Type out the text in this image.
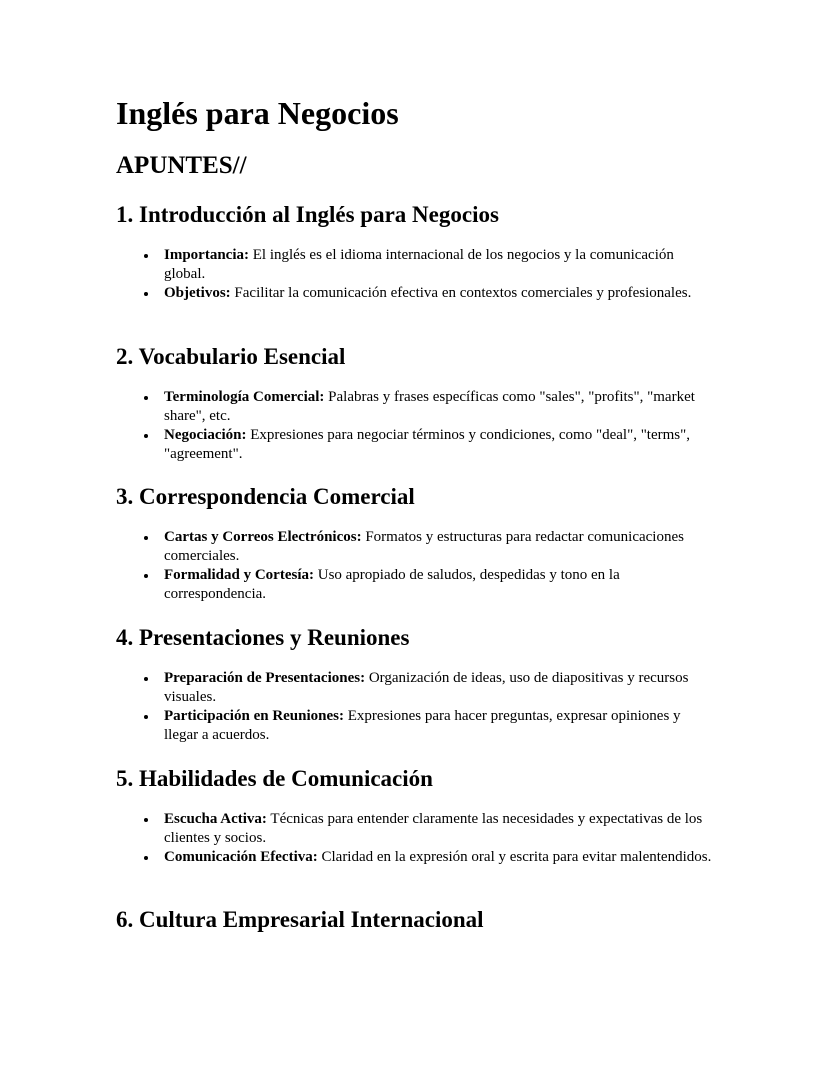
Inglés para Negocios
APUNTES//
1. Introducción al Inglés para Negocios
Importancia: El inglés es el idioma internacional de los negocios y la comunicación global.
Objetivos: Facilitar la comunicación efectiva en contextos comerciales y profesionales.
2. Vocabulario Esencial
Terminología Comercial: Palabras y frases específicas como "sales", "profits", "market share", etc.
Negociación: Expresiones para negociar términos y condiciones, como "deal", "terms", "agreement".
3. Correspondencia Comercial
Cartas y Correos Electrónicos: Formatos y estructuras para redactar comunicaciones comerciales.
Formalidad y Cortesía: Uso apropiado de saludos, despedidas y tono en la correspondencia.
4. Presentaciones y Reuniones
Preparación de Presentaciones: Organización de ideas, uso de diapositivas y recursos visuales.
Participación en Reuniones: Expresiones para hacer preguntas, expresar opiniones y llegar a acuerdos.
5. Habilidades de Comunicación
Escucha Activa: Técnicas para entender claramente las necesidades y expectativas de los clientes y socios.
Comunicación Efectiva: Claridad en la expresión oral y escrita para evitar malentendidos.
6. Cultura Empresarial Internacional
